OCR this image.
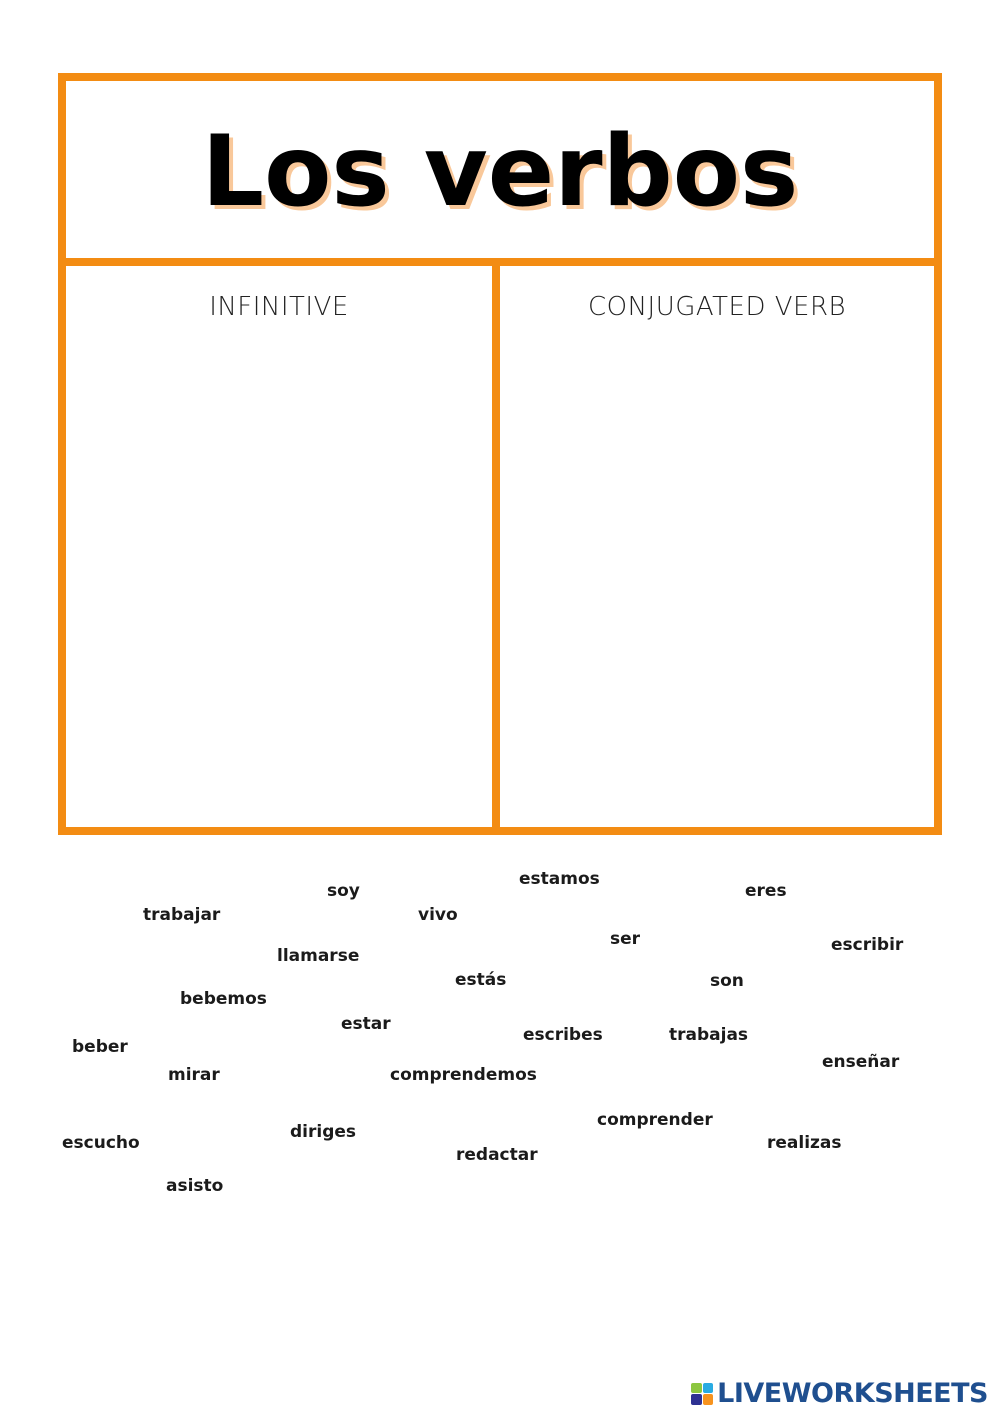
Los verbos
INFINITIVE	CONJUGATED VERB
soy
estamos
eres
trabajar	vivo
ser	escribir
llamarse
estás	son
bebemos
estar
escribes	trabajas
beber
enseñar
mirar	comprendemos
comprender
diriges
escucho	realizas
redactar
asisto
LIVEWORKSHEETS
